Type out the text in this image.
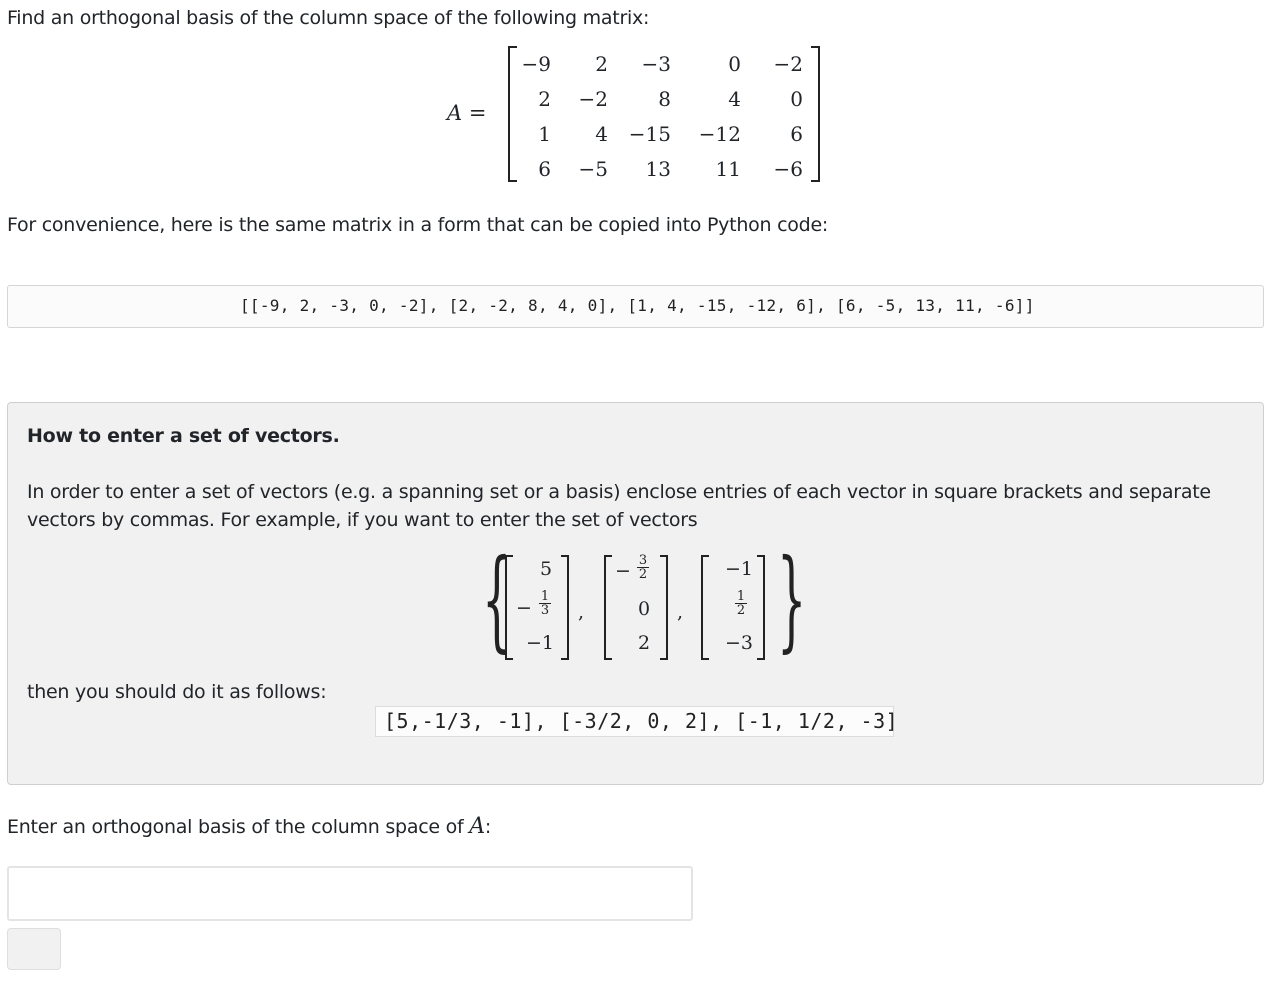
Find an orthogonal basis of the column space of the following matrix:
A =
−9	2	−3	0	−2
2	−2	8	4	0
1	4	−15	−12	6
6	−5	13	11	−6
For convenience, here is the same matrix in a form that can be copied into Python code:
[[-9, 2, -3, 0, -2], [2, -2, 8, 4, 0], [1, 4, -15, -12, 6], [6, -5, 13, 11, -6]]
How to enter a set of vectors.
In order to enter a set of vectors (e.g. a spanning set or a basis) enclose entries of each vector in square brackets and separate vectors by commas. For example, if you want to enter the set of vectors
{ }
5
− $\frac{1}{3}$
−1
,
− $\frac{3}{2}$
0
2
,
−1
$\frac{1}{2}$
−3
then you should do it as follows:
[5,-1/3, -1], [-3/2, 0, 2], [-1, 1/2, -3]
Enter an orthogonal basis of the column space of A:
